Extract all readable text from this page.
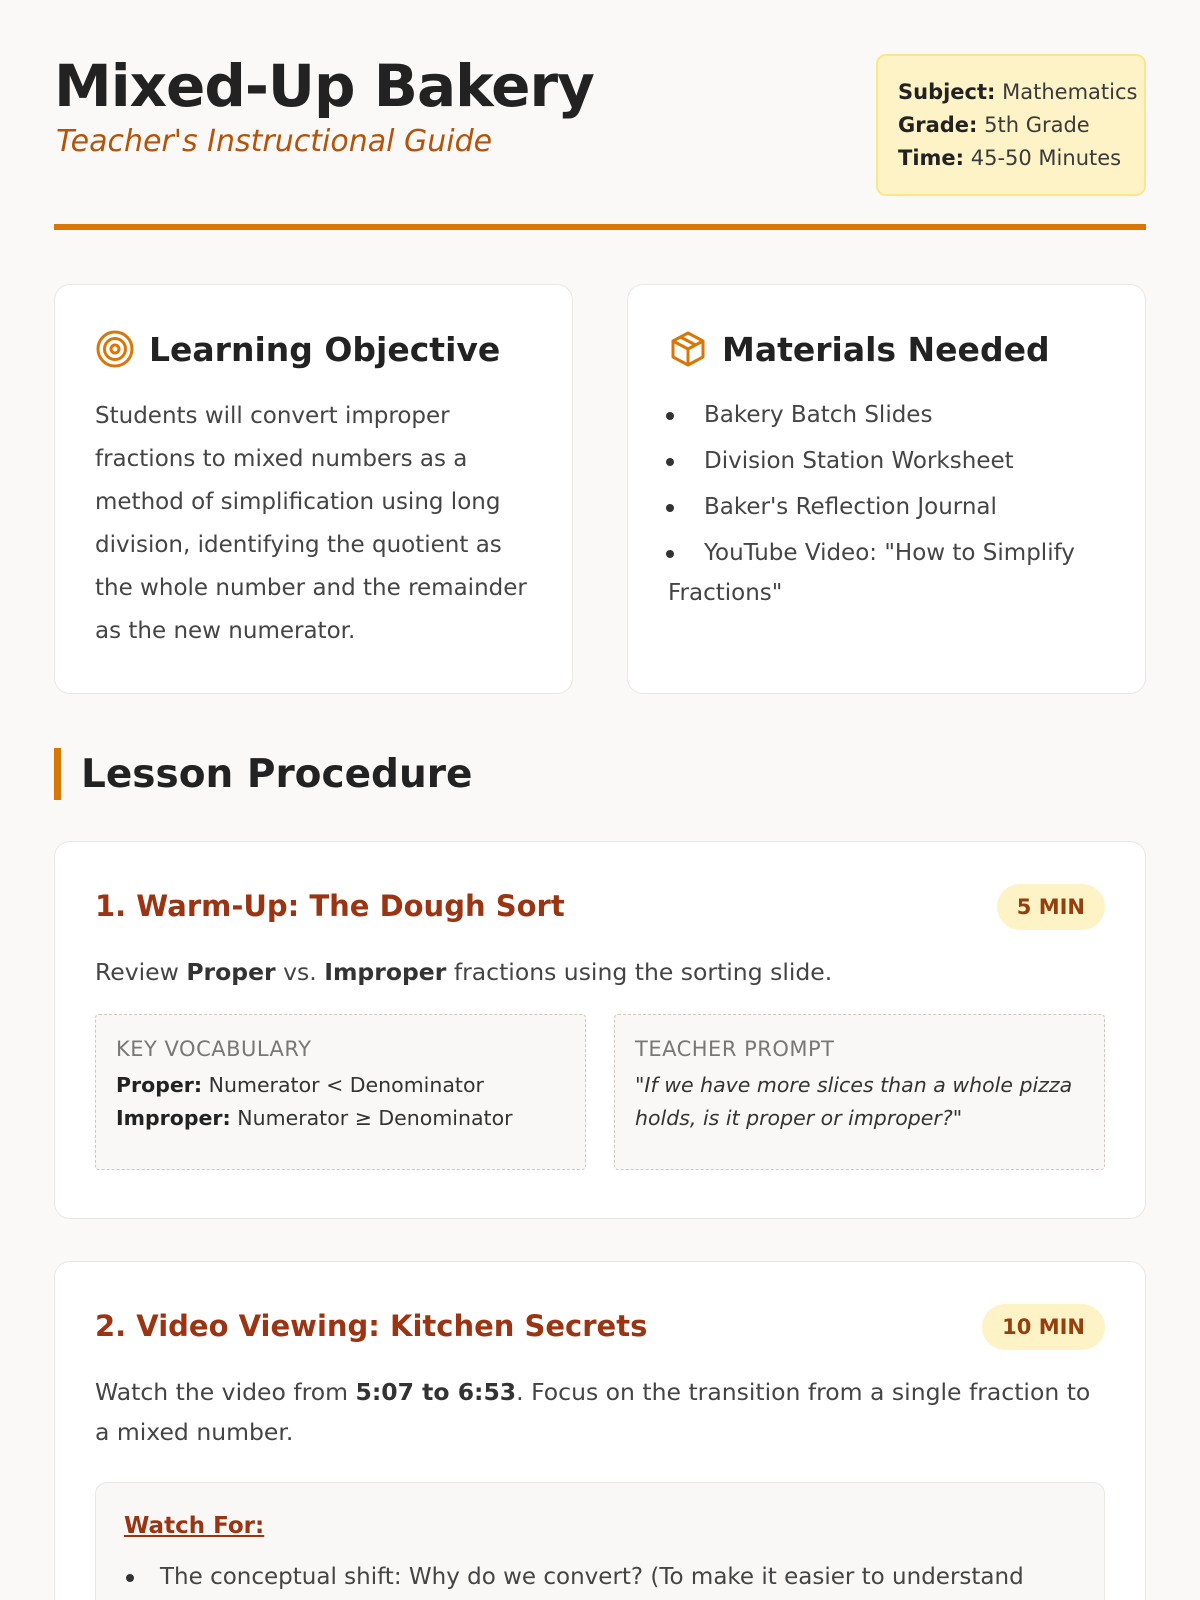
Mixed-Up Bakery
Teacher's Instructional Guide
Subject: Mathematics
Grade: 5th Grade
Time: 45-50 Minutes
Learning Objective

Students will convert improper fractions to mixed numbers as a method of simplification using long division, identifying the quotient as the whole number and the remainder as the new numerator.

Materials Needed
Bakery Batch Slides
Division Station Worksheet
Baker's Reflection Journal
YouTube Video: "How to Simplify Fractions"
Lesson Procedure
1. Warm-Up: The Dough Sort	5 MIN

Review Proper vs. Improper fractions using the sorting slide.

KEY VOCABULARY
Proper: Numerator < Denominator
Improper: Numerator ≥ Denominator
TEACHER PROMPT
"If we have more slices than a whole pizza holds, is it proper or improper?"
2. Video Viewing: Kitchen Secrets	10 MIN

Watch the video from 5:07 to 6:53. Focus on the transition from a single fraction to a mixed number.

Watch For:
The conceptual shift: Why do we convert? (To make it easier to understand
